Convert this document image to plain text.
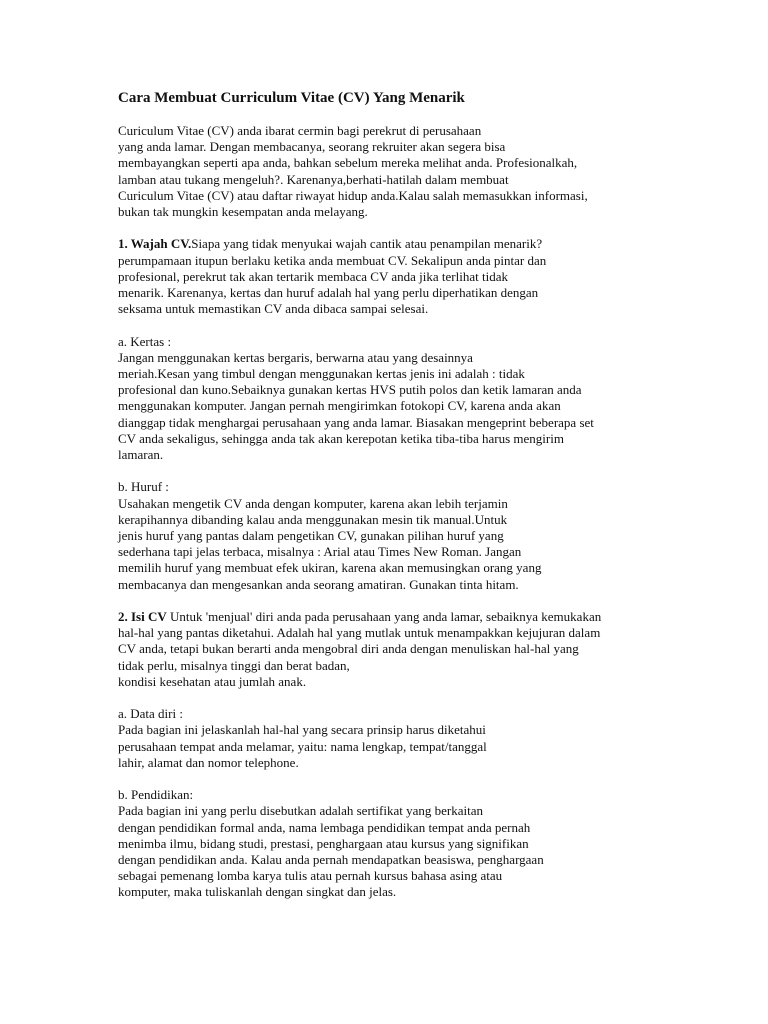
Cara Membuat Curriculum Vitae (CV) Yang Menarik
Curiculum Vitae (CV) anda ibarat cermin bagi perekrut di perusahaan
yang anda lamar. Dengan membacanya, seorang rekruiter akan segera bisa
membayangkan seperti apa anda, bahkan sebelum mereka melihat anda. Profesionalkah,
lamban atau tukang mengeluh?. Karenanya,berhati-hatilah dalam membuat
Curiculum Vitae (CV) atau daftar riwayat hidup anda.Kalau salah memasukkan informasi,
bukan tak mungkin kesempatan anda melayang.
1. Wajah CV.Siapa yang tidak menyukai wajah cantik atau penampilan menarik?
perumpamaan itupun berlaku ketika anda membuat CV. Sekalipun anda pintar dan
profesional, perekrut tak akan tertarik membaca CV anda jika terlihat tidak
menarik. Karenanya, kertas dan huruf adalah hal yang perlu diperhatikan dengan
seksama untuk memastikan CV anda dibaca sampai selesai.
a. Kertas :
Jangan menggunakan kertas bergaris, berwarna atau yang desainnya
meriah.Kesan yang timbul dengan menggunakan kertas jenis ini adalah : tidak
profesional dan kuno.Sebaiknya gunakan kertas HVS putih polos dan ketik lamaran anda
menggunakan komputer. Jangan pernah mengirimkan fotokopi CV, karena anda akan
dianggap tidak menghargai perusahaan yang anda lamar. Biasakan mengeprint beberapa set
CV anda sekaligus, sehingga anda tak akan kerepotan ketika tiba-tiba harus mengirim
lamaran.
b. Huruf :
Usahakan mengetik CV anda dengan komputer, karena akan lebih terjamin
kerapihannya dibanding kalau anda menggunakan mesin tik manual.Untuk
jenis huruf yang pantas dalam pengetikan CV, gunakan pilihan huruf yang
sederhana tapi jelas terbaca, misalnya : Arial atau Times New Roman. Jangan
memilih huruf yang membuat efek ukiran, karena akan memusingkan orang yang
membacanya dan mengesankan anda seorang amatiran. Gunakan tinta hitam.
2. Isi CV Untuk 'menjual' diri anda pada perusahaan yang anda lamar, sebaiknya kemukakan
hal-hal yang pantas diketahui. Adalah hal yang mutlak untuk menampakkan kejujuran dalam
CV anda, tetapi bukan berarti anda mengobral diri anda dengan menuliskan hal-hal yang
tidak perlu, misalnya tinggi dan berat badan,
kondisi kesehatan atau jumlah anak.
a. Data diri :
Pada bagian ini jelaskanlah hal-hal yang secara prinsip harus diketahui
perusahaan tempat anda melamar, yaitu: nama lengkap, tempat/tanggal
lahir, alamat dan nomor telephone.
b. Pendidikan:
Pada bagian ini yang perlu disebutkan adalah sertifikat yang berkaitan
dengan pendidikan formal anda, nama lembaga pendidikan tempat anda pernah
menimba ilmu, bidang studi, prestasi, penghargaan atau kursus yang signifikan
dengan pendidikan anda. Kalau anda pernah mendapatkan beasiswa, penghargaan
sebagai pemenang lomba karya tulis atau pernah kursus bahasa asing atau
komputer, maka tuliskanlah dengan singkat dan jelas.
